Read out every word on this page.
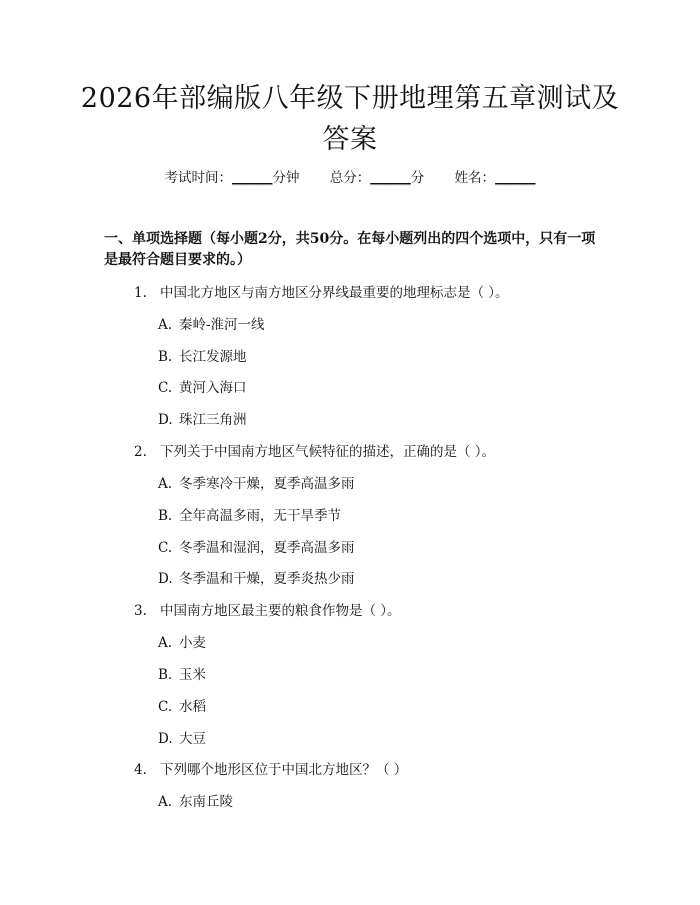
2026年部编版八年级下册地理第五章测试及
答案
考试时间：______分钟 总分：______分 姓名：______
一、单项选择题（每小题2分，共50分。在每小题列出的四个选项中，只有一项是最符合题目要求的。）
1. 中国北方地区与南方地区分界线最重要的地理标志是（ ）。
A. 秦岭-淮河一线
B. 长江发源地
C. 黄河入海口
D. 珠江三角洲
2. 下列关于中国南方地区气候特征的描述，正确的是（ ）。
A. 冬季寒冷干燥，夏季高温多雨
B. 全年高温多雨，无干旱季节
C. 冬季温和湿润，夏季高温多雨
D. 冬季温和干燥，夏季炎热少雨
3. 中国南方地区最主要的粮食作物是（ ）。
A. 小麦
B. 玉米
C. 水稻
D. 大豆
4. 下列哪个地形区位于中国北方地区？（ ）
A. 东南丘陵
